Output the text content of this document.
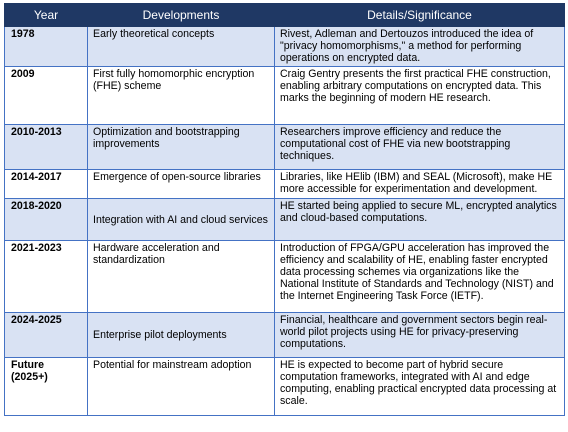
Year	Developments	Details/Significance
1978	Early theoretical concepts	Rivest, Adleman and Dertouzos introduced the idea of "privacy homomorphisms," a method for performing operations on encrypted data.
2009	First fully homomorphic encryption (FHE) scheme	Craig Gentry presents the first practical FHE construction, enabling arbitrary computations on encrypted data. This marks the beginning of modern HE research.
2010-2013	Optimization and bootstrapping improvements	Researchers improve efficiency and reduce the computational cost of FHE via new bootstrapping techniques.
2014-2017	Emergence of open-source libraries	Libraries, like HElib (IBM) and SEAL (Microsoft), make HE more accessible for experimentation and development.
2018-2020	Integration with AI and cloud services	HE started being applied to secure ML, encrypted analytics and cloud-based computations.
2021-2023	Hardware acceleration and standardization	Introduction of FPGA/GPU acceleration has improved the efficiency and scalability of HE, enabling faster encrypted data processing schemes via organizations like the National Institute of Standards and Technology (NIST) and the Internet Engineering Task Force (IETF).
2024-2025	Enterprise pilot deployments	Financial, healthcare and government sectors begin real-world pilot projects using HE for privacy-preserving computations.
Future (2025+)	Potential for mainstream adoption	HE is expected to become part of hybrid secure computation frameworks, integrated with AI and edge computing, enabling practical encrypted data processing at scale.
